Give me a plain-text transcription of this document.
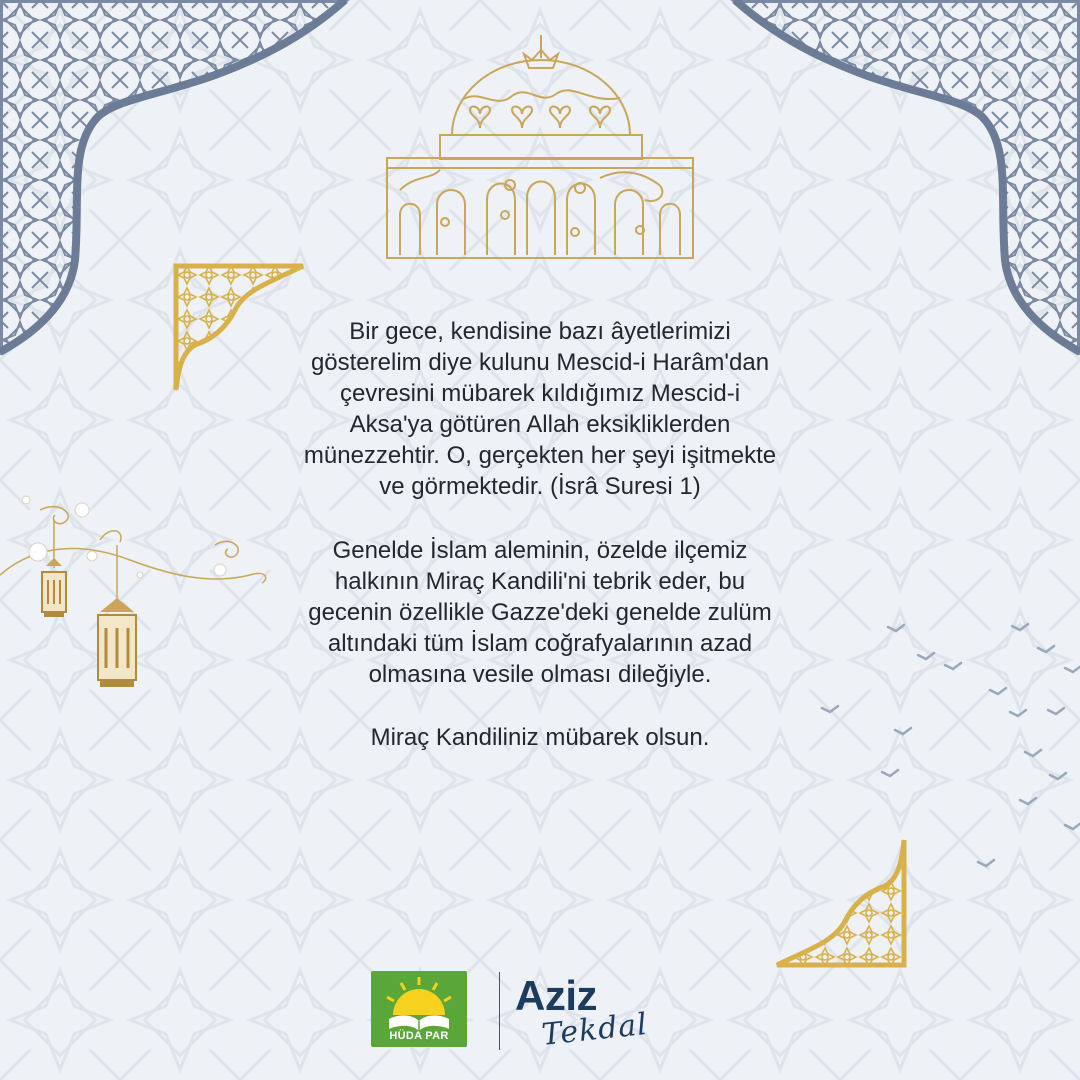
Bir gece, kendisine bazı âyetlerimizi
gösterelim diye kulunu Mescid-i Harâm'dan
çevresini mübarek kıldığımız Mescid-i
Aksa'ya götüren Allah eksikliklerden
münezzehtir. O, gerçekten her şeyi işitmekte
ve görmektedir. (İsrâ Suresi 1)

Genelde İslam aleminin, özelde ilçemiz
halkının Miraç Kandili'ni tebrik eder, bu
gecenin özellikle Gazze'deki genelde zulüm
altındaki tüm İslam coğrafyalarının azad
olmasına vesile olması dileğiyle.

Miraç Kandiliniz mübarek olsun.

HÜDA PAR
Aziz
Tekdal
